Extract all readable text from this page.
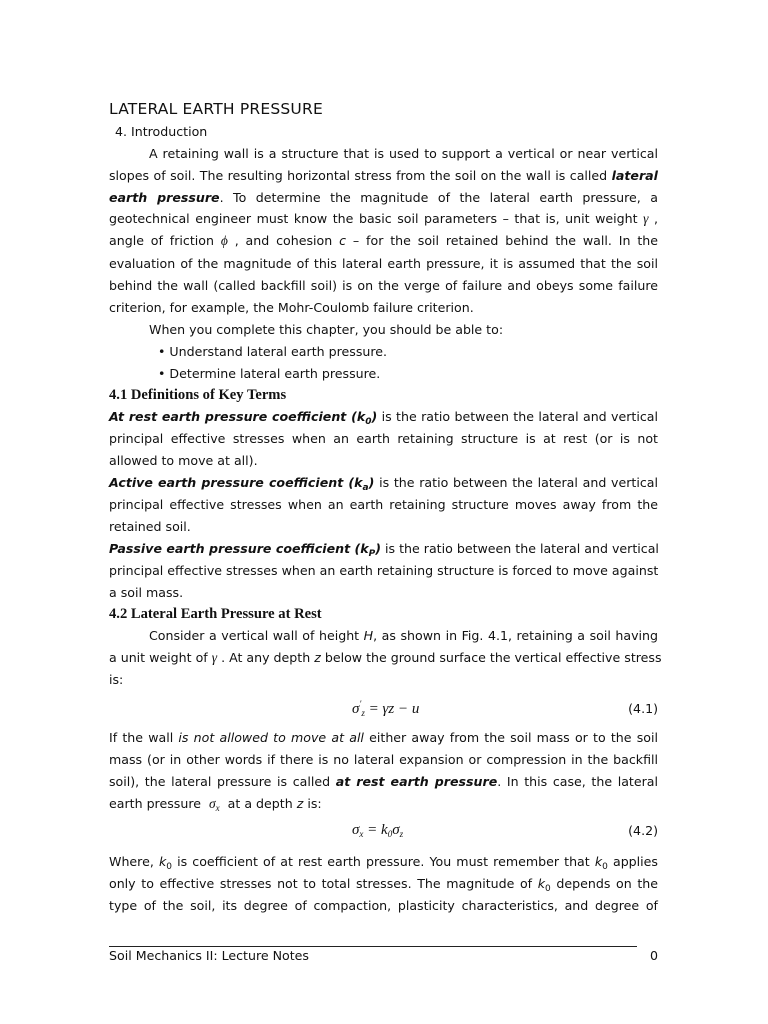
LATERAL EARTH PRESSURE
4. Introduction
A retaining wall is a structure that is used to support a vertical or near vertical
slopes of soil. The resulting horizontal stress from the soil on the wall is called lateral
earth pressure. To determine the magnitude of the lateral earth pressure, a
geotechnical engineer must know the basic soil parameters – that is, unit weight γ ,
angle of friction ϕ , and cohesion c – for the soil retained behind the wall. In the
evaluation of the magnitude of this lateral earth pressure, it is assumed that the soil
behind the wall (called backfill soil) is on the verge of failure and obeys some failure
criterion, for example, the Mohr-Coulomb failure criterion.
When you complete this chapter, you should be able to:
• Understand lateral earth pressure.
• Determine lateral earth pressure.
4.1 Definitions of Key Terms
At rest earth pressure coefficient $(k_0)$ is the ratio between the lateral and vertical
principal effective stresses when an earth retaining structure is at rest (or is not
allowed to move at all).
Active earth pressure coefficient $(k_a)$ is the ratio between the lateral and vertical
principal effective stresses when an earth retaining structure moves away from the
retained soil.
Passive earth pressure coefficient $(k_P)$ is the ratio between the lateral and vertical
principal effective stresses when an earth retaining structure is forced to move against
a soil mass.
4.2 Lateral Earth Pressure at Rest
Consider a vertical wall of height H, as shown in Fig. 4.1, retaining a soil having
a unit weight of γ . At any depth z below the ground surface the vertical effective stress
is:
$\sigma'_z = \gamma z - u$	(4.1)
If the wall is not allowed to move at all either away from the soil mass or to the soil
mass (or in other words if there is no lateral expansion or compression in the backfill
soil), the lateral pressure is called at rest earth pressure. In this case, the lateral
earth pressure  $\sigma_x$  at a depth z is:
$\sigma_x = k_0\sigma_z$	(4.2)
Where, $k_0$ is coefficient of at rest earth pressure. You must remember that $k_0$ applies
only to effective stresses not to total stresses. The magnitude of $k_0$ depends on the
type of the soil, its degree of compaction, plasticity characteristics, and degree of
Soil Mechanics II: Lecture Notes	0
